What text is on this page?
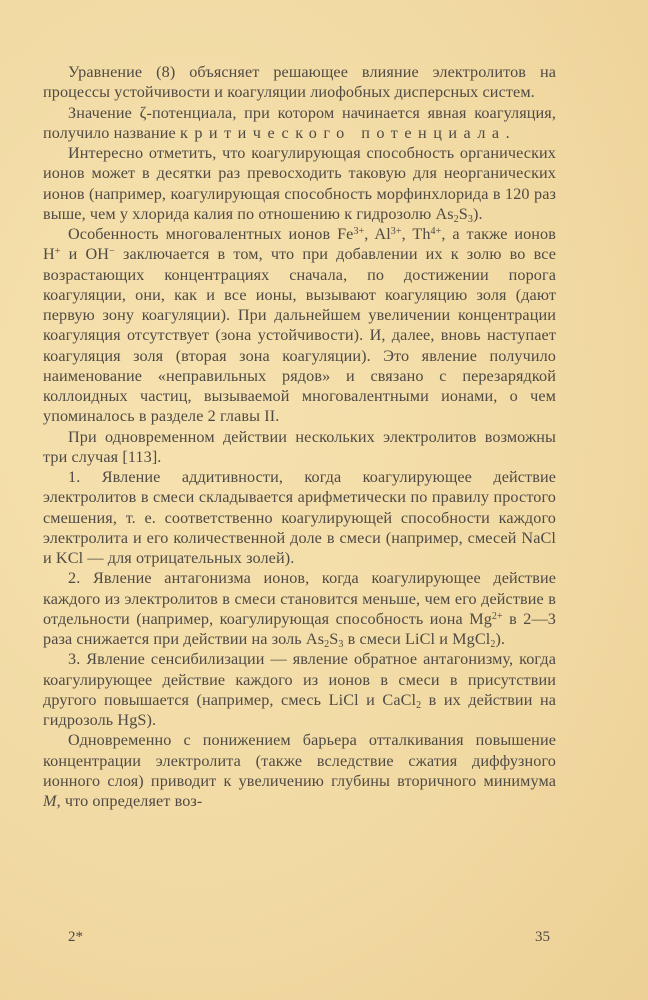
Уравнение (8) объясняет решающее влияние электролитов на процессы устойчивости и коагуляции лиофобных дисперсных систем.

Значение ζ-потенциала, при котором начинается явная коагуляция, получило название критического потенциала.

Интересно отметить, что коагулирующая способность органических ионов может в десятки раз превосходить таковую для неорганических ионов (например, коагулирующая способность морфинхлорида в 120 раз выше, чем у хлорида калия по отношению к гидрозолю $As_2S_3$).

Особенность многовалентных ионов $Fe^{3+}$, $Al^{3+}$, $Th^{4+}$, а также ионов H+ и OH− заключается в том, что при добавлении их к золю во все возрастающих концентрациях сначала, по достижении порога коагуляции, они, как и все ионы, вызывают коагуляцию золя (дают первую зону коагуляции). При дальнейшем увеличении концентрации коагуляция отсутствует (зона устойчивости). И, далее, вновь наступает коагуляция золя (вторая зона коагуляции). Это явление получило наименование «неправильных рядов» и связано с перезарядкой коллоидных частиц, вызываемой многовалентными ионами, о чем упоминалось в разделе 2 главы II.

При одновременном действии нескольких электролитов возможны три случая [113].

1. Явление аддитивности, когда коагулирующее действие электролитов в смеси складывается арифметически по правилу простого смешения, т. е. соответственно коагулирующей способности каждого электролита и его количественной доле в смеси (например, смесей NaCl и KCl — для отрицательных золей).

2. Явление антагонизма ионов, когда коагулирующее действие каждого из электролитов в смеси становится меньше, чем его действие в отдельности (например, коагулирующая способность иона $Mg^{2+}$ в 2—3 раза снижается при действии на золь $As_2S_3$ в смеси LiCl и MgCl$_2$).

3. Явление сенсибилизации — явление обратное антагонизму, когда коагулирующее действие каждого из ионов в смеси в присутствии другого повышается (например, смесь LiCl и CaCl$_2$ в их действии на гидрозоль HgS).

Одновременно с понижением барьера отталкивания повышение концентрации электролита (также вследствие сжатия диффузного ионного слоя) приводит к увеличению глубины вторичного минимума M, что определяет воз-

2*	35
